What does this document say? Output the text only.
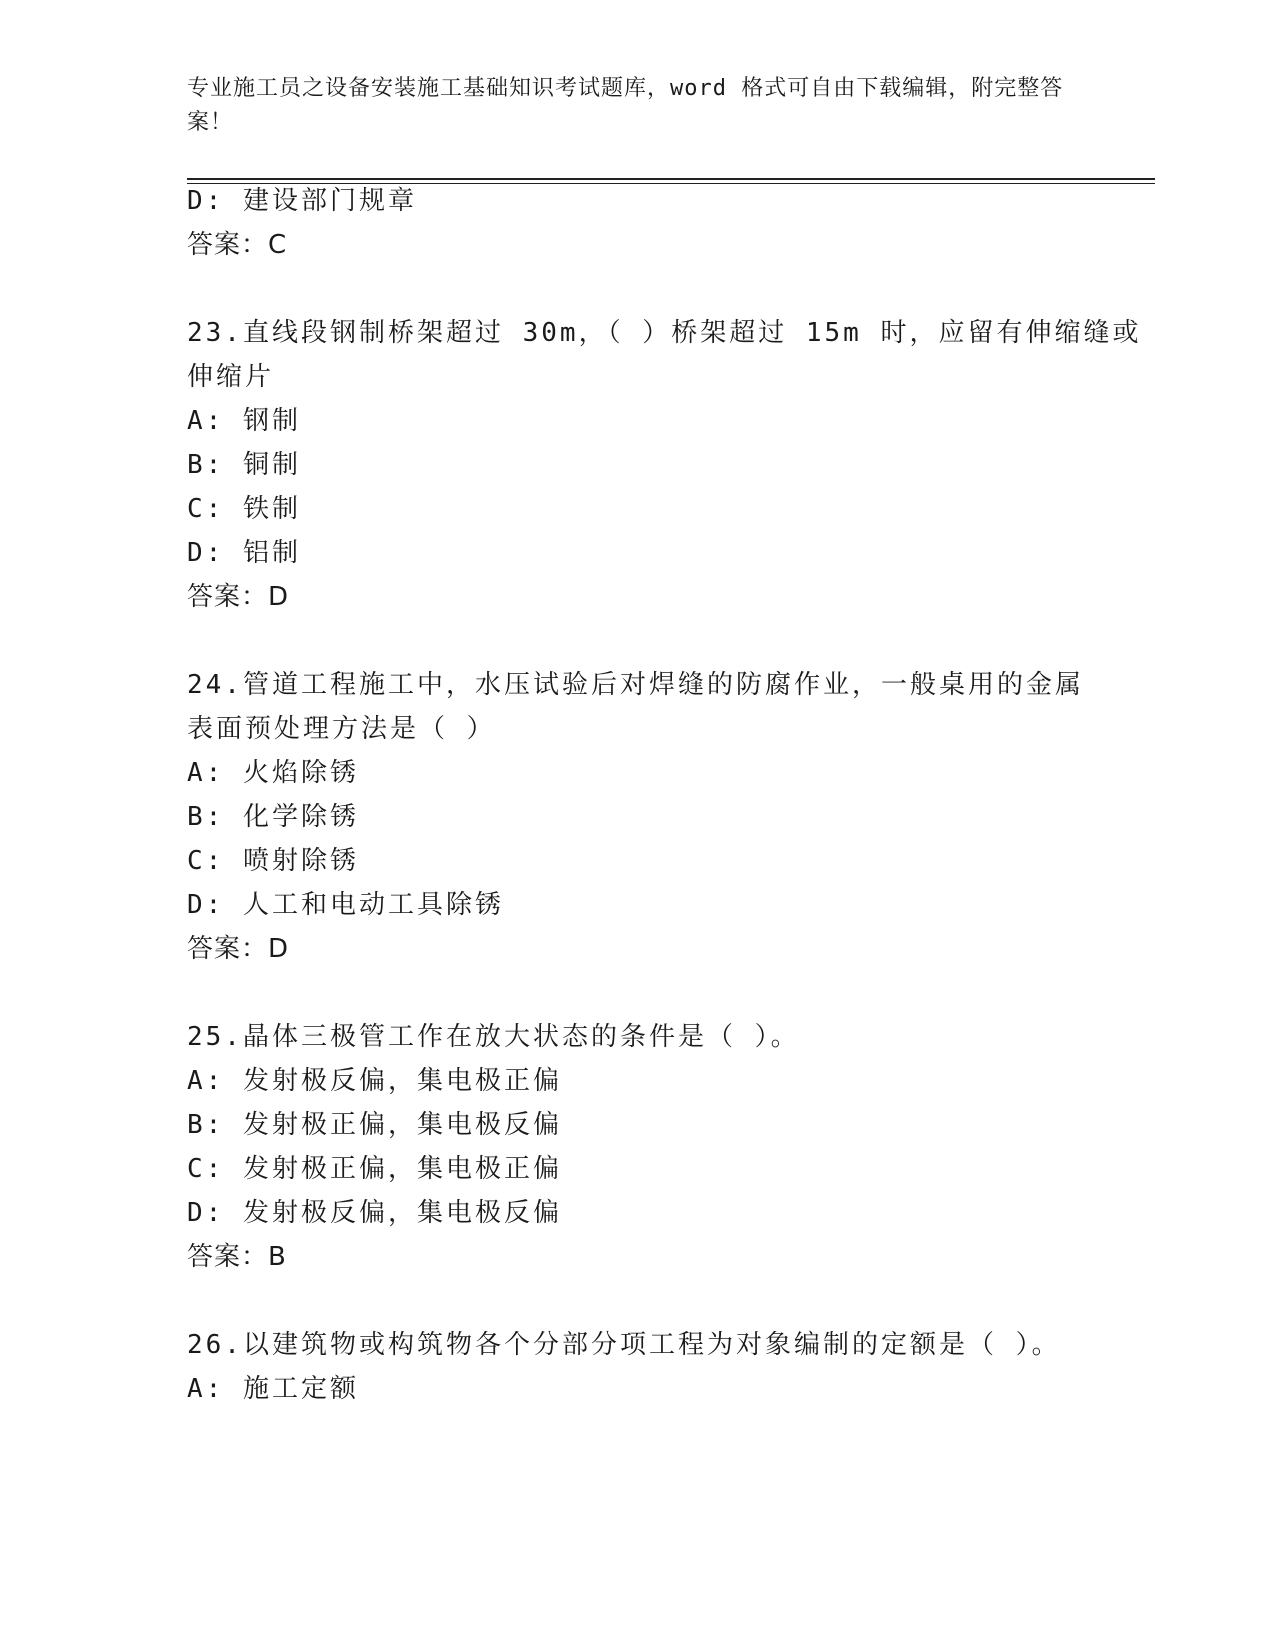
专业施工员之设备安装施工基础知识考试题库，word 格式可自由下载编辑，附完整答案！
D: 建设部门规章
答案：C
23.直线段钢制桥架超过 30m，（ ）桥架超过 15m 时，应留有伸缩缝或
伸缩片
A: 钢制
B: 铜制
C: 铁制
D: 铝制
答案：D
24.管道工程施工中，水压试验后对焊缝的防腐作业，一般桌用的金属
表面预处理方法是（ ）
A: 火焰除锈
B: 化学除锈
C: 喷射除锈
D: 人工和电动工具除锈
答案：D
25.晶体三极管工作在放大状态的条件是（ ）。
A: 发射极反偏，集电极正偏
B: 发射极正偏，集电极反偏
C: 发射极正偏，集电极正偏
D: 发射极反偏，集电极反偏
答案：B
26.以建筑物或构筑物各个分部分项工程为对象编制的定额是（ ）。
A: 施工定额
